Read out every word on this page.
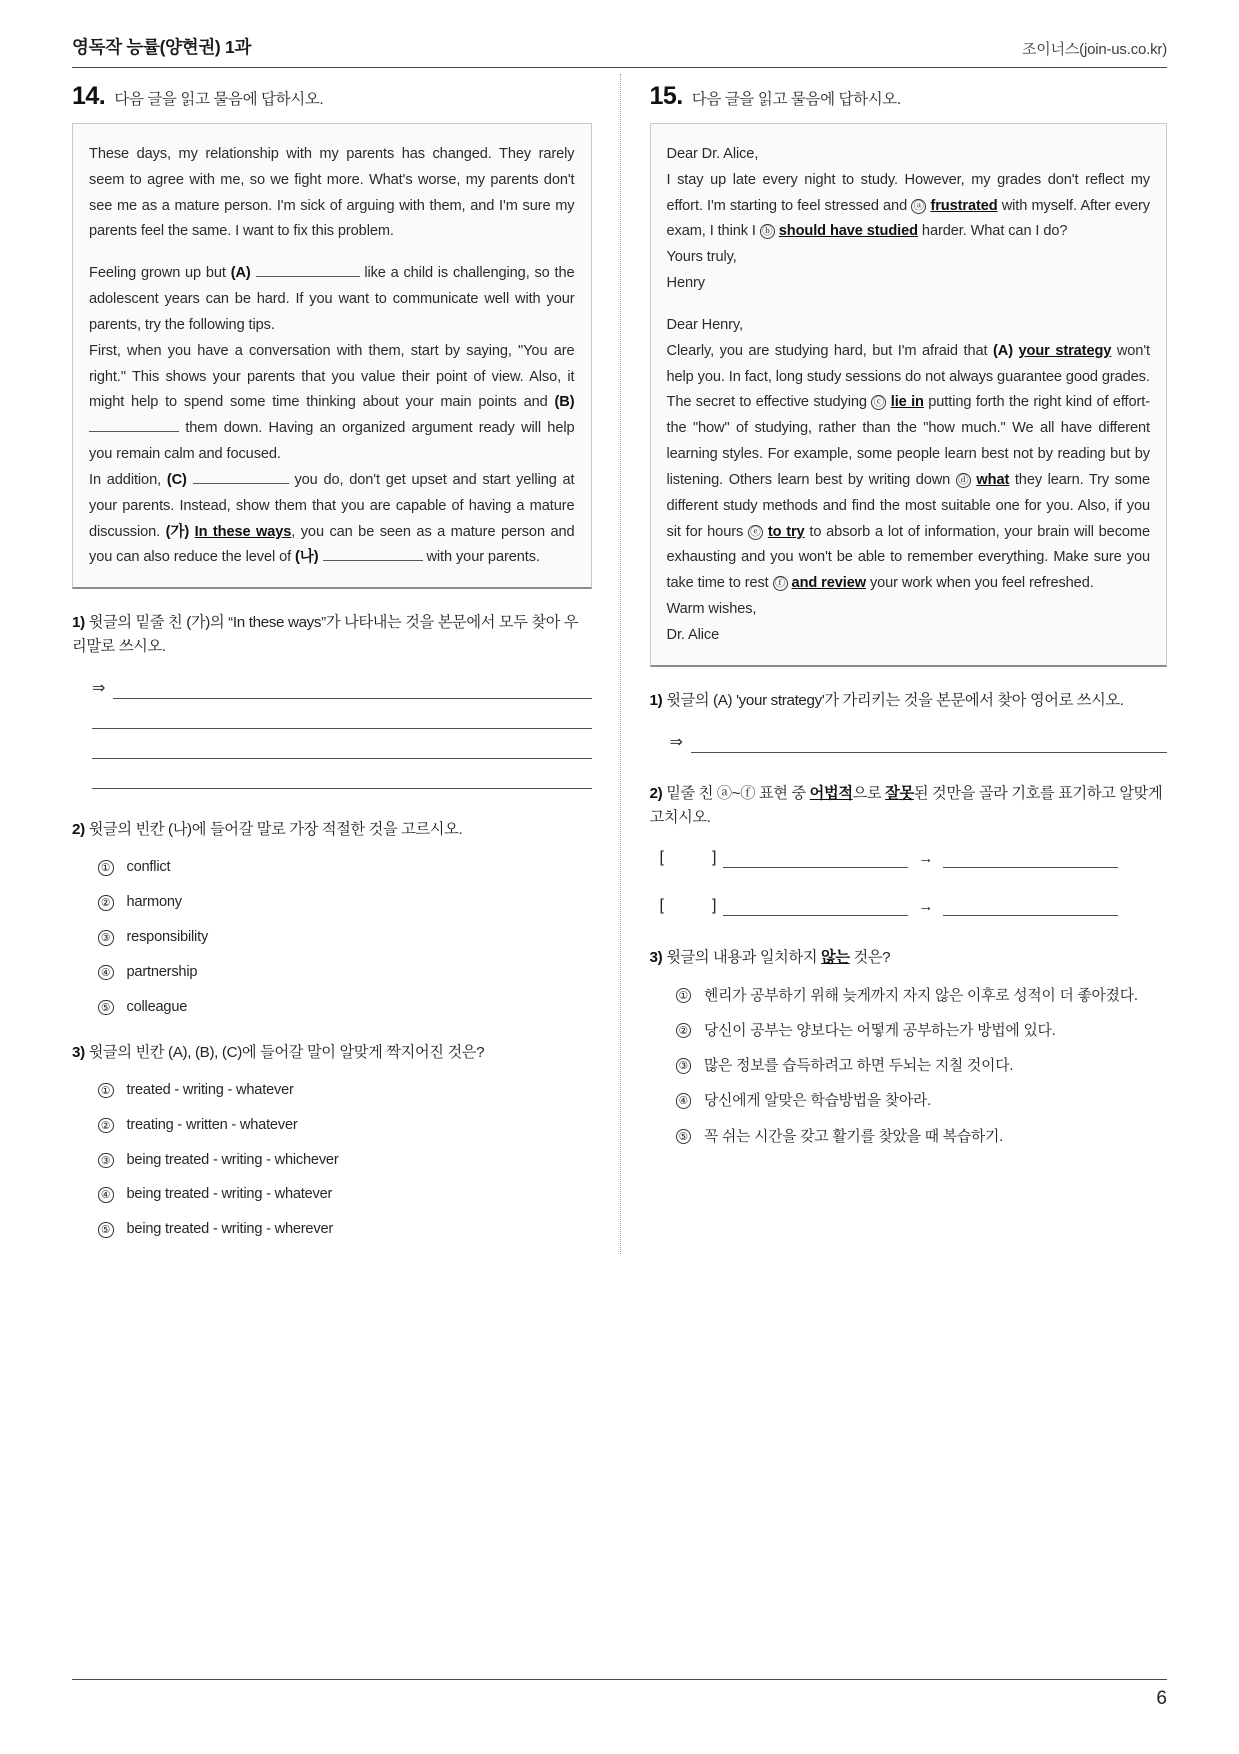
영독작 능률(양현권) 1과	조이너스(join-us.co.kr)
14. 다음 글을 읽고 물음에 답하시오.

These days, my relationship with my parents has changed. They rarely seem to agree with me, so we fight more. What's worse, my parents don't see me as a mature person. I'm sick of arguing with them, and I'm sure my parents feel the same. I want to fix this problem.

Feeling grown up but (A)	like a child is challenging, so the adolescent years can be hard. If you want to communicate well with your parents, try the following tips.

First, when you have a conversation with them, start by saying, "You are right." This shows your parents that you value their point of view. Also, it might help to spend some time thinking about your main points and (B)  them down. Having an organized argument ready will help you remain calm and focused.

In addition, (C)	you do, don't get upset and start yelling at your parents. Instead, show them that you are capable of having a mature discussion. (가) In these ways, you can be seen as a mature person and you can also reduce the level of (나)	with your parents.

1) 윗글의 밑줄 친 (가)의 “In these ways”가 나타내는 것을 본문에서 모두 찾아 우리말로 쓰시오.
⇒
2) 윗글의 빈칸 (나)에 들어갈 말로 가장 적절한 것을 고르시오.
① conflict
② harmony
③ responsibility
④ partnership
⑤ colleague
3) 윗글의 빈칸 (A), (B), (C)에 들어갈 말이 알맞게 짝지어진 것은?
① treated - writing - whatever
② treating - written - whatever
③ being treated - writing - whichever
④ being treated - writing - whatever
⑤ being treated - writing - wherever
15. 다음 글을 읽고 물음에 답하시오.

Dear Dr. Alice,

I stay up late every night to study. However, my grades don't reflect my effort. I'm starting to feel stressed and ⓐ frustrated with myself. After every exam, I think I ⓑ should have studied harder. What can I do?

Yours truly,

Henry

Dear Henry,

Clearly, you are studying hard, but I'm afraid that (A) your strategy won't help you. In fact, long study sessions do not always guarantee good grades.

The secret to effective studying ⓒ lie in putting forth the right kind of effort-the "how" of studying, rather than the "how much." We all have different learning styles. For example, some people learn best not by reading but by listening. Others learn best by writing down ⓓ what they learn. Try some different study methods and find the most suitable one for you. Also, if you sit for hours ⓔ to try to absorb a lot of information, your brain will become exhausting and you won't be able to remember everything. Make sure you take time to rest ⓕ and review your work when you feel refreshed.

Warm wishes,

Dr. Alice

1) 윗글의 (A) 'your strategy'가 가리키는 것을 본문에서 찾아 영어로 쓰시오.
⇒
2) 밑줄 친 ⓐ~ⓕ 표현 중 어법적으로 잘못된 것만을 골라 기호를 표기하고 알맞게 고치시오.
[	]	→
[	]	→
3) 윗글의 내용과 일치하지 않는 것은?
① 헨리가 공부하기 위해 늦게까지 자지 않은 이후로 성적이 더 좋아졌다.
② 당신이 공부는 양보다는 어떻게 공부하는가 방법에 있다.
③ 많은 정보를 습득하려고 하면 두뇌는 지칠 것이다.
④ 당신에게 알맞은 학습방법을 찾아라.
⑤ 꼭 쉬는 시간을 갖고 활기를 찾았을 때 복습하기.
6
